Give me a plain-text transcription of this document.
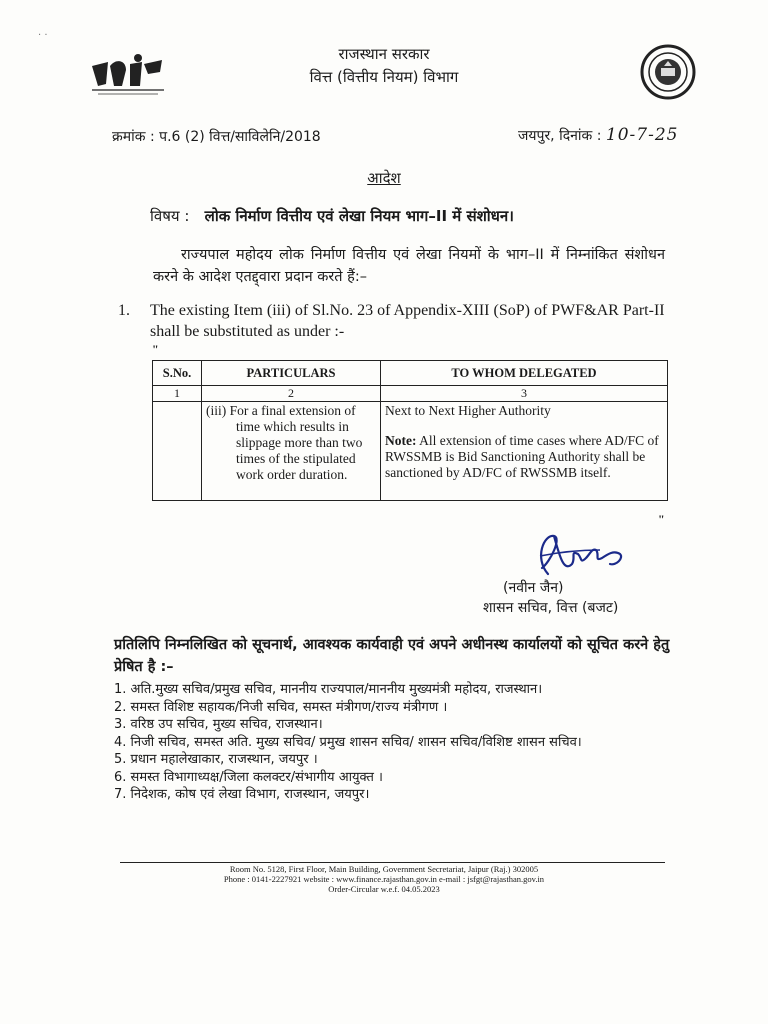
· ·
राजस्थान सरकार
वित्त (वित्तीय नियम) विभाग
क्रमांक : प.6 (2) वित्त/साविलेनि/2018	जयपुर, दिनांक : 10-7-25
आदेश
विषय : लोक निर्माण वित्तीय एवं लेखा नियम भाग–II में संशोधन।
राज्यपाल महोदय लोक निर्माण वित्तीय एवं लेखा नियमों के भाग–II में निम्नांकित संशोधन करने के आदेश एतद्द्वारा प्रदान करते हैं:–
1. The existing Item (iii) of Sl.No. 23 of Appendix-XIII (SoP) of PWF&AR Part-II shall be substituted as under :-
"
S.No.	PARTICULARS	TO WHOM DELEGATED
1	2	3
	(iii) For a final extension of time which results in slippage more than two times of the stipulated work order duration.	Next to Next Higher Authority
Note: All extension of time cases where AD/FC of RWSSMB is Bid Sanctioning Authority shall be sanctioned by AD/FC of RWSSMB itself.
"
(नवीन जैन)
शासन सचिव, वित्त (बजट)
प्रतिलिपि निम्नलिखित को सूचनार्थ, आवश्यक कार्यवाही एवं अपने अधीनस्थ कार्यालयों को सूचित करने हेतु प्रेषित है :–
1. अति.मुख्य सचिव/प्रमुख सचिव, माननीय राज्यपाल/माननीय मुख्यमंत्री महोदय, राजस्थान।
2. समस्त विशिष्ट सहायक/निजी सचिव, समस्त मंत्रीगण/राज्य मंत्रीगण ।
3. वरिष्ठ उप सचिव, मुख्य सचिव, राजस्थान।
4. निजी सचिव, समस्त अति. मुख्य सचिव/ प्रमुख शासन सचिव/ शासन सचिव/विशिष्ट शासन सचिव।
5. प्रधान महालेखाकार, राजस्थान, जयपुर ।
6. समस्त विभागाध्यक्ष/जिला कलक्टर/संभागीय आयुक्त ।
7. निदेशक, कोष एवं लेखा विभाग, राजस्थान, जयपुर।
Room No. 5128, First Floor, Main Building, Government Secretariat, Jaipur (Raj.) 302005
Phone : 0141-2227921 website : www.finance.rajasthan.gov.in e-mail : jsfgt@rajasthan.gov.in
Order-Circular w.e.f. 04.05.2023
